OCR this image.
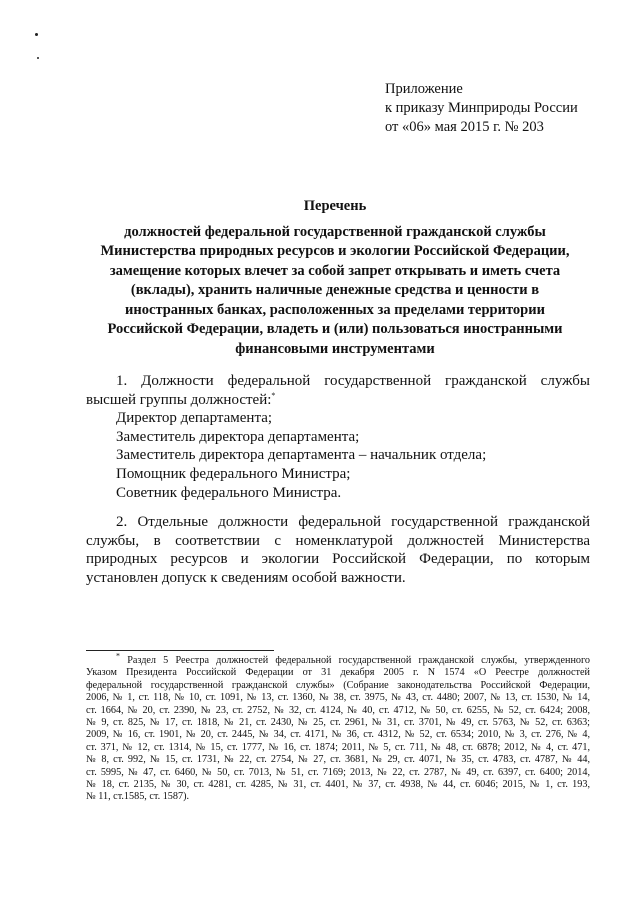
Приложение
к приказу Минприроды России
от «06» мая 2015 г. № 203
Перечень
должностей федеральной государственной гражданской службы
Министерства природных ресурсов и экологии Российской Федерации,
замещение которых влечет за собой запрет открывать и иметь счета
(вклады), хранить наличные денежные средства и ценности в
иностранных банках, расположенных за пределами территории
Российской Федерации, владеть и (или) пользоваться иностранными
финансовыми инструментами
1. Должности федеральной государственной гражданской службы
высшей группы должностей:*
Директор департамента;
Заместитель директора департамента;
Заместитель директора департамента – начальник отдела;
Помощник федерального Министра;
Советник федерального Министра.
2. Отдельные должности федеральной государственной гражданской
службы, в соответствии с номенклатурой должностей Министерства
природных ресурсов и экологии Российской Федерации, по которым
установлен допуск к сведениям особой важности.
* Раздел 5 Реестра должностей федеральной государственной гражданской службы, утвержденного
Указом Президента Российской Федерации от 31 декабря 2005 г. N 1574 «О Реестре должностей
федеральной государственной гражданской службы» (Собрание законодательства Российской Федерации,
2006, № 1, ст. 118, № 10, ст. 1091, № 13, ст. 1360, № 38, ст. 3975, № 43, ст. 4480; 2007, № 13, ст. 1530, № 14,
ст. 1664, № 20, ст. 2390, № 23, ст. 2752, № 32, ст. 4124, № 40, ст. 4712, № 50, ст. 6255, № 52, ст. 6424; 2008,
№ 9, ст. 825, № 17, ст. 1818, № 21, ст. 2430, № 25, ст. 2961, № 31, ст. 3701, № 49, ст. 5763, № 52, ст. 6363;
2009, № 16, ст. 1901, № 20, ст. 2445, № 34, ст. 4171, № 36, ст. 4312, № 52, ст. 6534; 2010, № 3, ст. 276, № 4,
ст. 371, № 12, ст. 1314, № 15, ст. 1777, № 16, ст. 1874; 2011, № 5, ст. 711, № 48, ст. 6878; 2012, № 4, ст. 471,
№ 8, ст. 992, № 15, ст. 1731, № 22, ст. 2754, № 27, ст. 3681, № 29, ст. 4071, № 35, ст. 4783, ст. 4787, № 44,
ст. 5995, № 47, ст. 6460, № 50, ст. 7013, № 51, ст. 7169; 2013, № 22, ст. 2787, № 49, ст. 6397, ст. 6400; 2014,
№ 18, ст. 2135, № 30, ст. 4281, ст. 4285, № 31, ст. 4401, № 37, ст. 4938, № 44, ст. 6046; 2015, № 1, ст. 193,
№ 11, ст.1585, ст. 1587).
